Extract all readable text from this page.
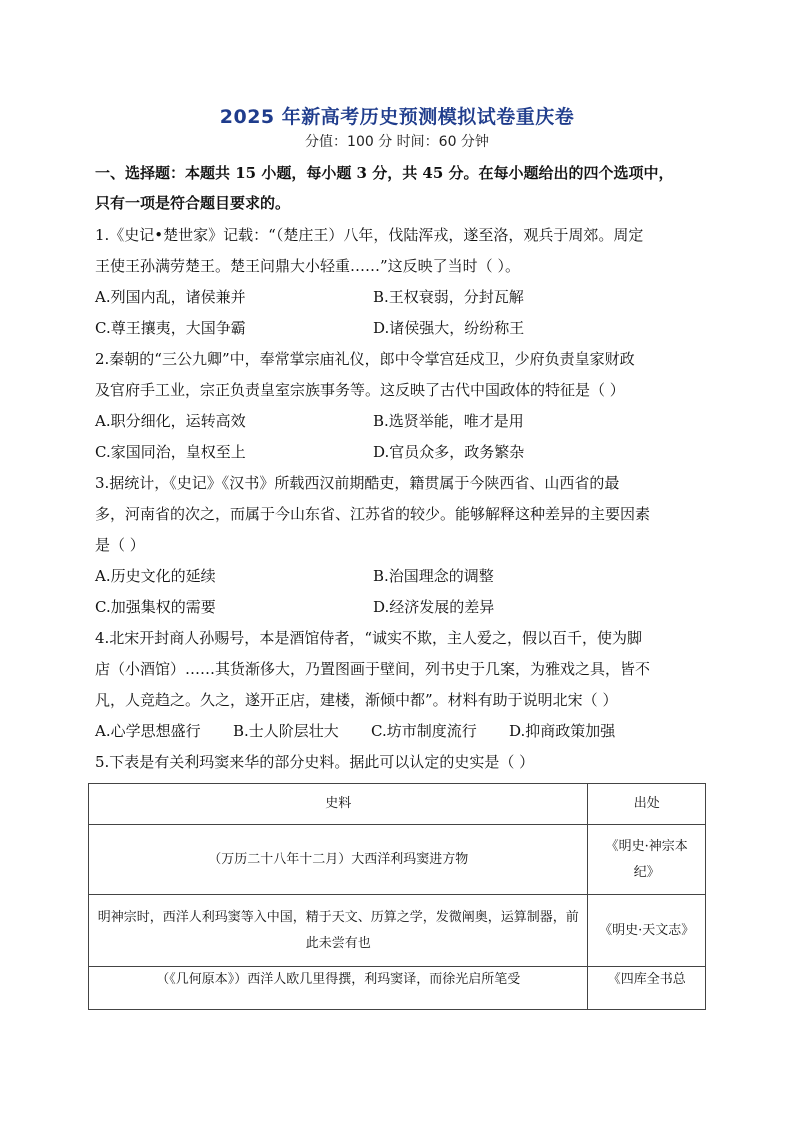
2025 年新高考历史预测模拟试卷重庆卷
分值：100 分 时间：60 分钟
一、选择题：本题共 15 小题，每小题 3 分，共 45 分。在每小题给出的四个选项中，
只有一项是符合题目要求的。
1.《史记•楚世家》记载：“（楚庄王）八年，伐陆浑戎，遂至洛，观兵于周郊。周定
王使王孙满劳楚王。楚王问鼎大小轻重……”这反映了当时（ ）。
A.列国内乱，诸侯兼并	B.王权衰弱，分封瓦解
C.尊王攘夷，大国争霸	D.诸侯强大，纷纷称王
2.秦朝的“三公九卿”中，奉常掌宗庙礼仪，郎中令掌宫廷戍卫，少府负责皇家财政
及官府手工业，宗正负责皇室宗族事务等。这反映了古代中国政体的特征是（ ）
A.职分细化，运转高效	B.选贤举能，唯才是用
C.家国同治，皇权至上	D.官员众多，政务繁杂
3.据统计，《史记》《汉书》所载西汉前期酷吏，籍贯属于今陕西省、山西省的最
多，河南省的次之，而属于今山东省、江苏省的较少。能够解释这种差异的主要因素
是（ ）
A.历史文化的延续	B.治国理念的调整
C.加强集权的需要	D.经济发展的差异
4.北宋开封商人孙赐号，本是酒馆侍者，“诚实不欺，主人爱之，假以百千，使为脚
店（小酒馆）……其货渐侈大，乃置图画于壁间，列书史于几案，为雅戏之具，皆不
凡，人竞趋之。久之，遂开正店，建楼，渐倾中都”。材料有助于说明北宋（ ）
A.心学思想盛行 B.士人阶层壮大 C.坊市制度流行 D.抑商政策加强
5.下表是有关利玛窦来华的部分史料。据此可以认定的史实是（ ）
史料	出处
（万历二十八年十二月）大西洋利玛窦进方物	《明史·神宗本纪》
明神宗时，西洋人利玛窦等入中国，精于天文、历算之学，发微阐奥，运算制器，前此未尝有也	《明史·天文志》
（《几何原本》）西洋人欧几里得撰，利玛窦译，而徐光启所笔受	《四库全书总
